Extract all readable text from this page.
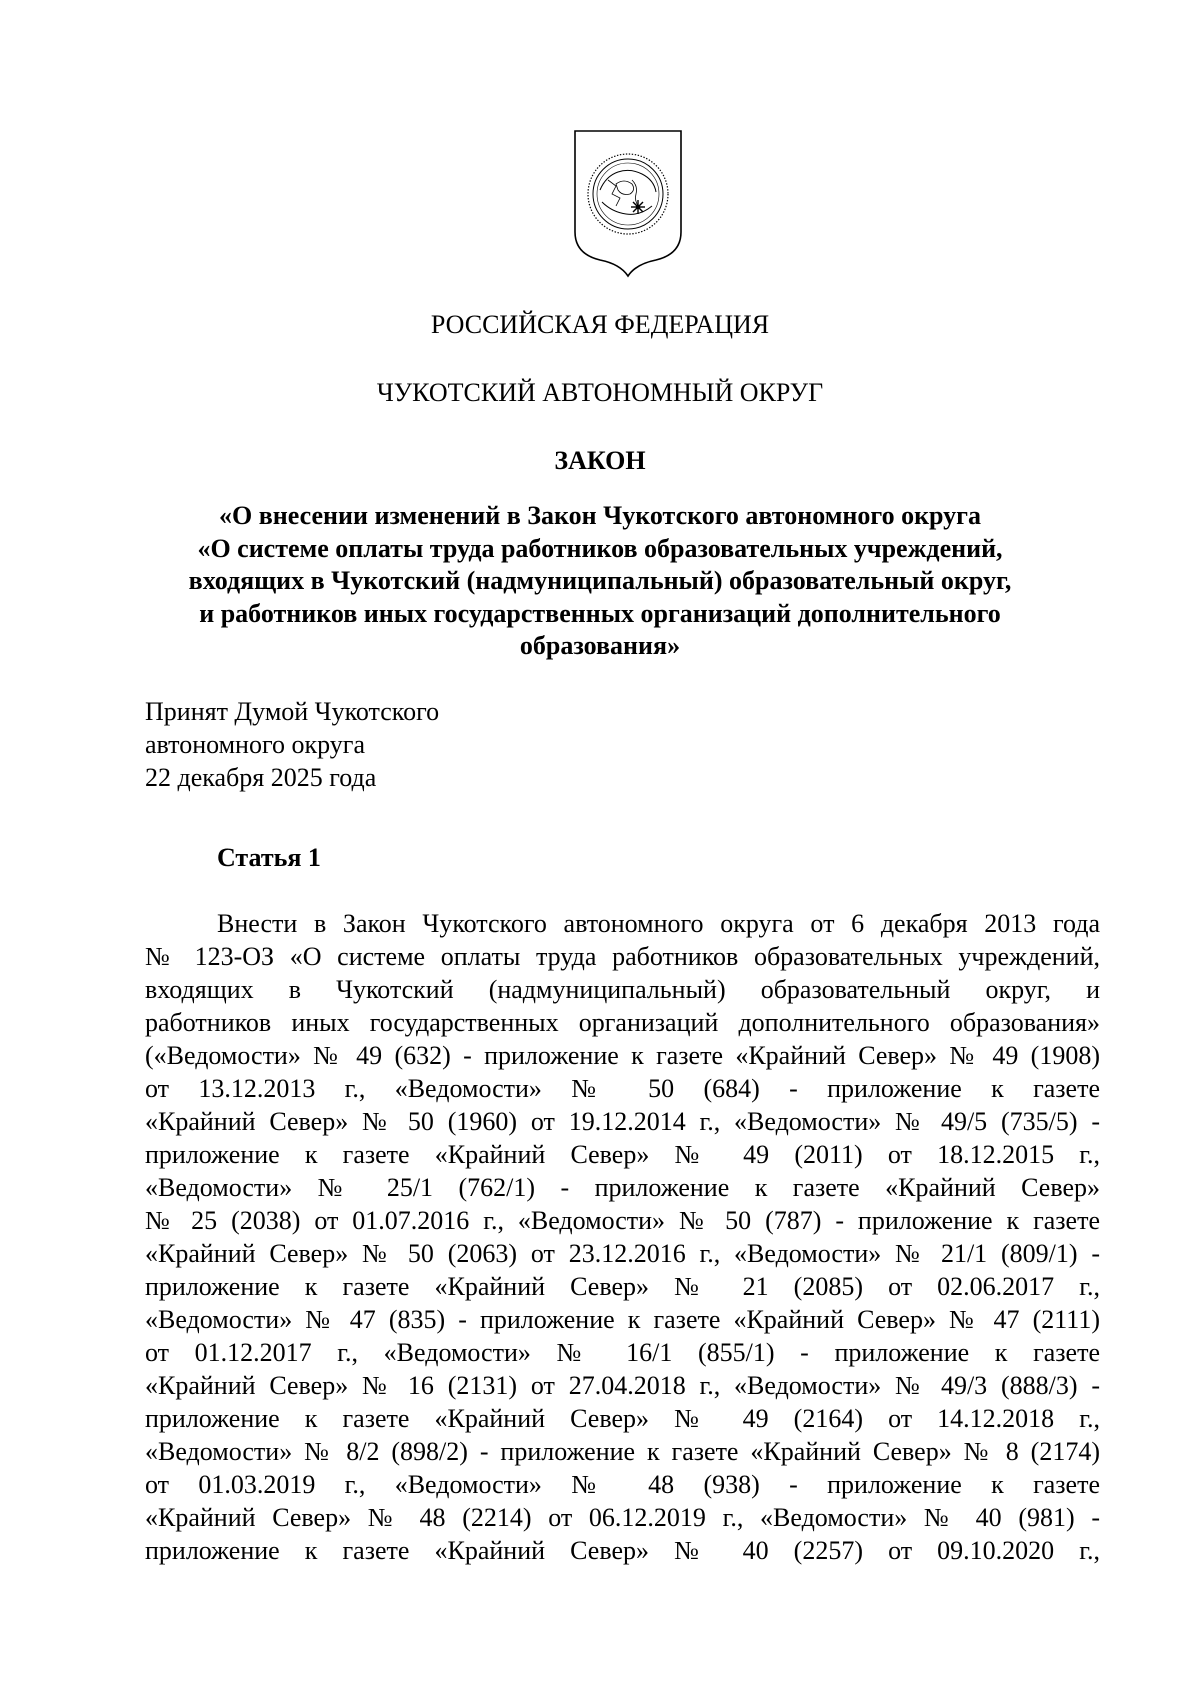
РОССИЙСКАЯ ФЕДЕРАЦИЯ
ЧУКОТСКИЙ АВТОНОМНЫЙ ОКРУГ
ЗАКОН
«О внесении изменений в Закон Чукотского автономного округа
«О системе оплаты труда работников образовательных учреждений,
входящих в Чукотский (надмуниципальный) образовательный округ,
и работников иных государственных организаций дополнительного
образования»
Принят Думой Чукотского
автономного округа
22 декабря 2025 года
Статья 1
Внести в Закон Чукотского автономного округа от 6 декабря 2013 года
№ 123-ОЗ «О системе оплаты труда работников образовательных учреждений,
входящих в Чукотский (надмуниципальный) образовательный округ, и
работников иных государственных организаций дополнительного образования»
(«Ведомости» № 49 (632) - приложение к газете «Крайний Север» № 49 (1908)
от 13.12.2013 г., «Ведомости» № 50 (684) - приложение к газете
«Крайний Север» № 50 (1960) от 19.12.2014 г., «Ведомости» № 49/5 (735/5) -
приложение к газете «Крайний Север» № 49 (2011) от 18.12.2015 г.,
«Ведомости» № 25/1 (762/1) - приложение к газете «Крайний Север»
№ 25 (2038) от 01.07.2016 г., «Ведомости» № 50 (787) - приложение к газете
«Крайний Север» № 50 (2063) от 23.12.2016 г., «Ведомости» № 21/1 (809/1) -
приложение к газете «Крайний Север» № 21 (2085) от 02.06.2017 г.,
«Ведомости» № 47 (835) - приложение к газете «Крайний Север» № 47 (2111)
от 01.12.2017 г., «Ведомости» № 16/1 (855/1) - приложение к газете
«Крайний Север» № 16 (2131) от 27.04.2018 г., «Ведомости» № 49/3 (888/3) -
приложение к газете «Крайний Север» № 49 (2164) от 14.12.2018 г.,
«Ведомости» № 8/2 (898/2) - приложение к газете «Крайний Север» № 8 (2174)
от 01.03.2019 г., «Ведомости» № 48 (938) - приложение к газете
«Крайний Север» № 48 (2214) от 06.12.2019 г., «Ведомости» № 40 (981) -
приложение к газете «Крайний Север» № 40 (2257) от 09.10.2020 г.,
